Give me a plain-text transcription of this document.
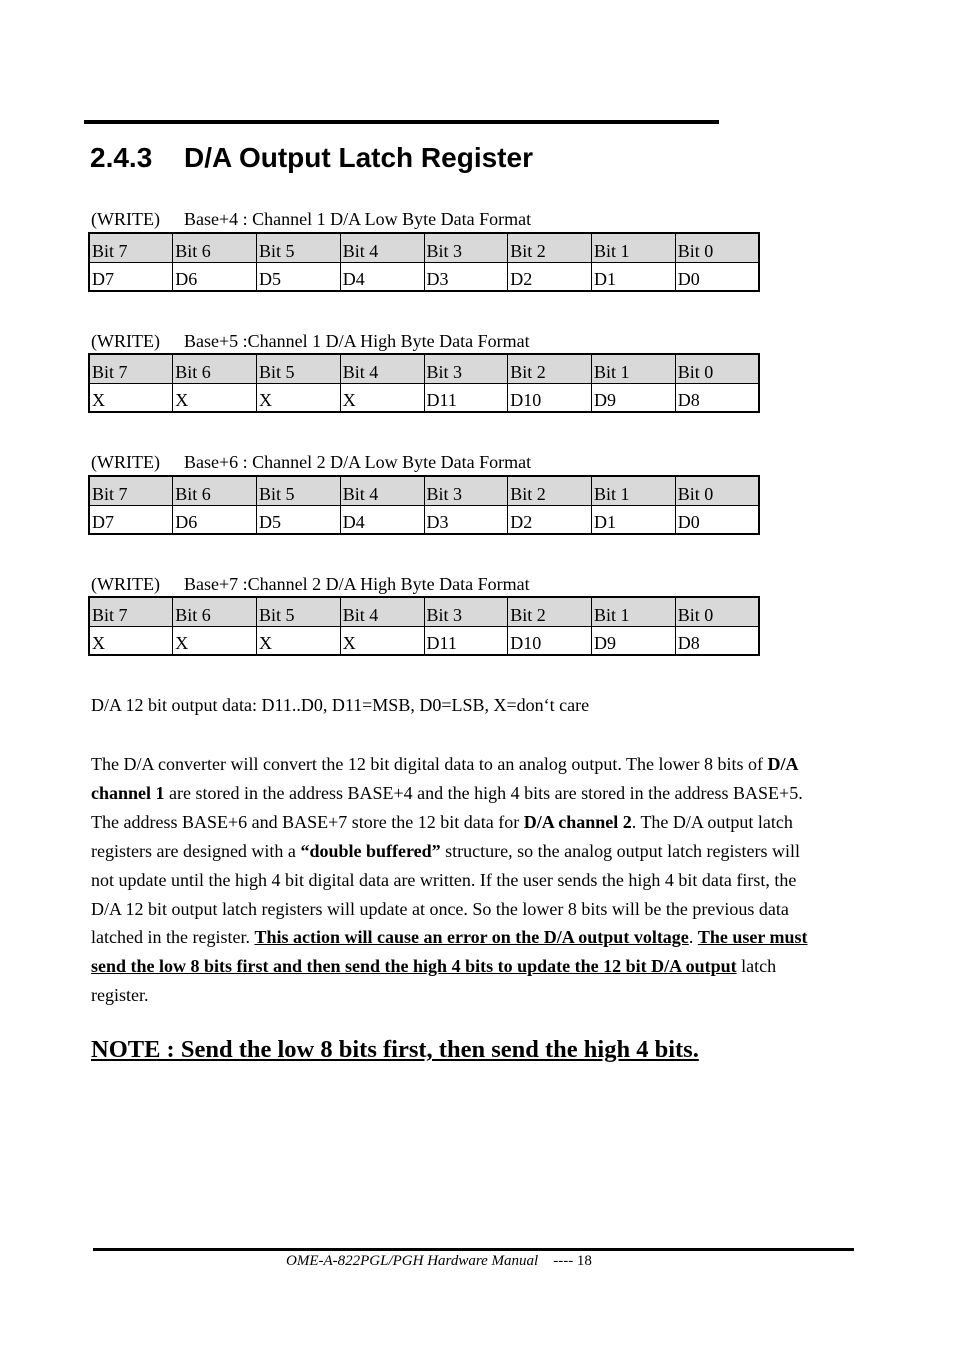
2.4.3 D/A Output Latch Register
(WRITE) Base+4 : Channel 1 D/A Low Byte Data Format
Bit 7	Bit 6	Bit 5	Bit 4	Bit 3	Bit 2	Bit 1	Bit 0
D7	D6	D5	D4	D3	D2	D1	D0
(WRITE) Base+5 :Channel 1 D/A High Byte Data Format
Bit 7	Bit 6	Bit 5	Bit 4	Bit 3	Bit 2	Bit 1	Bit 0
X	X	X	X	D11	D10	D9	D8
(WRITE) Base+6 : Channel 2 D/A Low Byte Data Format
Bit 7	Bit 6	Bit 5	Bit 4	Bit 3	Bit 2	Bit 1	Bit 0
D7	D6	D5	D4	D3	D2	D1	D0
(WRITE) Base+7 :Channel 2 D/A High Byte Data Format
Bit 7	Bit 6	Bit 5	Bit 4	Bit 3	Bit 2	Bit 1	Bit 0
X	X	X	X	D11	D10	D9	D8
D/A 12 bit output data: D11..D0, D11=MSB, D0=LSB, X=don‘t care
The D/A converter will convert the 12 bit digital data to an analog output. The lower 8 bits of D/A channel 1 are stored in the address BASE+4 and the high 4 bits are stored in the address BASE+5. The address BASE+6 and BASE+7 store the 12 bit data for D/A channel 2. The D/A output latch registers are designed with a “double buffered” structure, so the analog output latch registers will not update until the high 4 bit digital data are written. If the user sends the high 4 bit data first, the D/A 12 bit output latch registers will update at once. So the lower 8 bits will be the previous data latched in the register. This action will cause an error on the D/A output voltage. The user must send the low 8 bits first and then send the high 4 bits to update the 12 bit D/A output latch register.
NOTE : Send the low 8 bits first, then send the high 4 bits.
OME-A-822PGL/PGH Hardware Manual ---- 18
